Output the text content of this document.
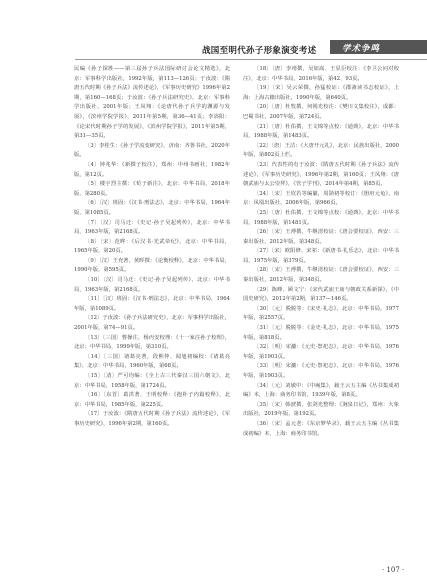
战国至明代孙子形象演变考述	学术争鸣

民编《孙子探胜——第三届孙子兵法国际研讨会论文精选》，北京：军事科学出版社，1992年版，第113—126页；于汝波：《隋唐五代时期《孙子兵法》流传述论》，《军事历史研究》1996年第2期，第160—168页；于汝波：《孙子兵法研究史》，北京：军事科学出版社，2001年版；王凤翔：《论唐代孙子兵学的渊源与发展》，《滨州学院学报》，2011年第5期，第36—41页；李浴阳：《论宋代时期孙子学的发展》，《滨州学院学报》，2011年第5期，第31—35页。

〔3〕李桂生：《孙子学流变研究》，济南：齐鲁书社，2020年版。

〔4〕钟兆华：《新撰子校注》，郑州：中州书画社，1982年版，第12页。

〔5〕楼宇烈主撰：《荀子新注》，北京：中华书局，2018年版，第280页。

〔6〕〔汉〕班固：《汉书·刑法志》，北京：中华书局，1964年版，第1085页。

〔7〕〔汉〕司马迁：《史记·孙子吴起列传》，北京：中华书局，1963年版，第2168页。

〔8〕〔宋〕范晔：《后汉书·光武帝纪》，北京：中华书局，1965年版，第20页。

〔9〕〔汉〕王充著，黄晖撰：《论衡校释》，北京：中华书局，1990年版，第595页。

〔10〕〔汉〕司马迁：《史记·孙子吴起列传》，北京：中华书局，1963年版，第2168页。

〔11〕〔汉〕班固：《汉书·刑法志》，北京：中华书局，1964年版，第1089页。

〔12〕于汝波：《孙子兵法研究史》，北京：军事科学出版社，2001年版，第74—91页。

〔13〕〔三国〕曹操注，杨丙安校理：《十一家注孙子校理》，北京：中华书局，1999年版，第310页。

〔14〕〔三国〕诸葛亮著，段熙仲、闻旭初编校：《诸葛亮集》，北京：中华书局，1960年版，第68页。

〔15〕〔清〕严可均编：《全上古三代秦汉三国六朝文》，北京：中华书局，1958年版，第1724页。

〔16〕〔东晋〕葛洪著，王明校释：《抱朴子内篇校释》，北京：中华书局，1985年版，第225页。

〔17〕于汝波：《隋唐五代时期《孙子兵法》流传述论》，《军事历史研究》，1996年第2期，第160页。

〔18〕〔唐〕李靖撰，吴如嵩、王显臣校注：《李卫公问对校注》，北京：中华书局，2016年版，第42、93页。

〔19〕〔宋〕吴云荣撰，孙猛校证：《郡斋读书志校证》，上海：上海古籍出版社，1990年版，第640页。

〔20〕〔唐〕杜牧撰，何锡光校注：《樊川文集校注》，成都：巴蜀书社，2007年版，第724页。

〔21〕〔唐〕杜佑撰，王文锦等点校：《通典》，北京：中华书局，1988年版，第1483页。

〔22〕〔唐〕王洁：《大唐开元礼》，北京：民族出版社，2000年版，第802页上栏。

〔23〕代表性的有于汝波：《隋唐五代时期《孙子兵法》流传述论》，《军事历史研究》，1996年第2期，第160页；王凤翔：《唐朝武庙与太公崇拜》，《管子学刊》，2014年第4期，第85页。

〔24〕〔宋〕王钦若等编纂，周勋初等校订：《册府元龟》，南京：凤凰出版社，2006年版，第966页。

〔25〕〔唐〕杜佑撰，王文锦等点校：《通典》，北京：中华书局，1988年版，第1481页。

〔26〕〔宋〕王溥撰，牛继清校证：《唐会要校证》，西安：三秦出版社，2012年版，第348页。

〔27〕〔宋〕欧阳修、宋祁：《新唐书·礼乐志》，北京：中华书局，1975年版，第379页。

〔28〕〔宋〕王溥撰，牛继清校证：《唐会要校证》，西安：三秦出版社，2012年版，第348页。

〔29〕陈峰、顾文宁：《宋代武庙王庙与朝政关系新探》，《中国史研究》，2012年第2期，第137—146页。

〔30〕〔元〕脱脱等：《宋史·礼志》，北京：中华书局，1977年版，第2557页。

〔31〕〔元〕脱脱等：《金史·礼志》，北京：中华书局，1975年版，第818页。

〔32〕〔明〕宋濂：《元史·祭祀志》，北京：中华书局，1976年版，第1903页。

〔33〕〔明〕宋濂：《元史·祭祀志》，北京：中华书局，1976年版，第1903页。

〔34〕〔元〕刘敏中：《中庵集》，载王云五主编《丛书集成初编》本，上海：商务印书馆，1939年版，第8页。

〔35〕〔宋〕韩淲撰，张剑光整理：《涧泉日记》，郑州：大象出版社，2019年版，第192页。

〔36〕〔宋〕孟元老：《东京梦华录》，载王云五主编《丛书集成初编》本，上海：商务印书馆。

· 107 ·
